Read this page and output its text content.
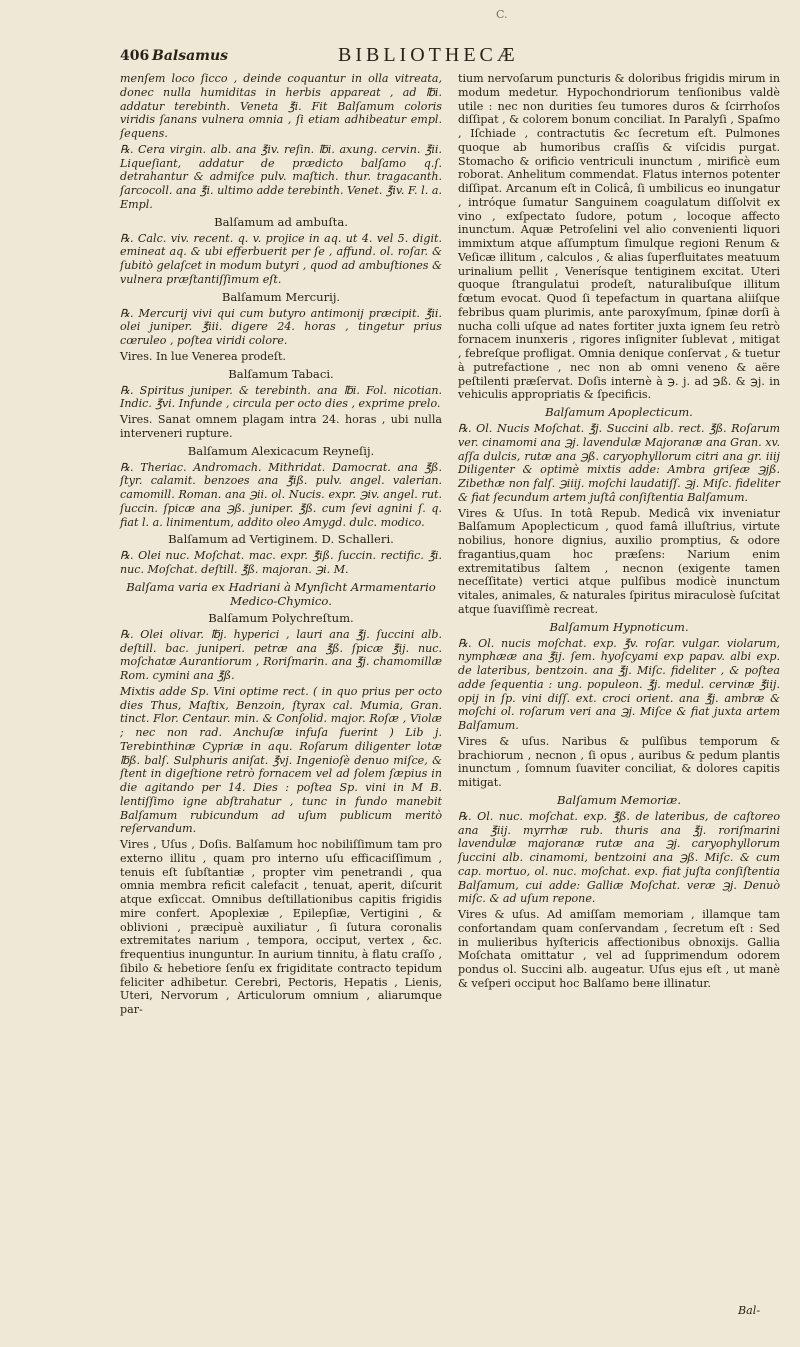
C.
406 Balsamus	BIBLIOTHECÆ

menſem loco ſicco , deinde coquantur in olla vitreata, donec nulla humiditas in herbis appareat , ad ℔i. addatur terebinth. Veneta ℥i. Fit Balſamum coloris viridis ſanans vulnera omnia , ſi etiam adhibeatur empl. ſequens.

℞. Cera virgin. alb. ana ℥iv. reſin. ℔i. axung. cervin. ℥ii. Liqueſiant, addatur de prædicto balſamo q.ſ. detrahantur & admiſce pulv. maſtich. thur. tragacanth. ſarcocoll. ana ℥i. ultimo adde terebinth. Venet. ℥iv. F. l. a. Empl.

Balſamum ad ambuſta.

℞. Calc. viv. recent. q. v. projice in aq. ut 4. vel 5. digit. emineat aq. & ubi efferbuerit per ſe , affund. ol. roſar. & ſubitò gelaſcet in modum butyri , quod ad ambuſtiones & vulnera præſtantiſſimum eſt.

Balſamum Mercurij.

℞. Mercurij vivi qui cum butyro antimonij præcipit. ℥ii. olei juniper. ℥iii. digere 24. horas , tingetur prius cœruleo , poſtea viridi colore.

Vires. In lue Venerea prodeſt.

Balſamum Tabaci.

℞. Spiritus juniper. & terebinth. ana ℔i. Fol. nicotian. Indic. ℥vi. Infunde , circula per octo dies , exprime prelo.

Vires. Sanat omnem plagam intra 24. horas , ubi nulla interveneri rupture.

Balſamum Alexicacum Reyneſij.

℞. Theriac. Andromach. Mithridat. Damocrat. ana ℥ß. ſtyr. calamit. benzoes ana ℥iß. pulv. angel. valerian. camomill. Roman. ana ℈ii. ol. Nucis. expr. ℈iv. angel. rut. ſuccin. ſpicæ ana ℈ß. juniper. ℥ß. cum ſevi agnini ſ. q. fiat l. a. linimentum, addito oleo Amygd. dulc. modico.

Balſamum ad Vertiginem. D. Schalleri.

℞. Olei nuc. Moſchat. mac. expr. ℥iß. ſuccin. rectific. ℥i. nuc. Moſchat. deſtill. ℥ß. majoran. ℈i. M.

Balſama varia ex Hadriani à Mynſicht Armamentario Medico-Chymico.
Balſamum Polychreſtum.

℞. Olei olivar. ℔j. hyperici , lauri ana ℥j. ſuccini alb. deſtill. bac. juniperi. petræ ana ℥ß. ſpicæ ℥ij. nuc. moſchatæ Aurantiorum , Roriſmarin. ana ℥j. chamomillæ Rom. cymini ana ℥ß.

Mixtis adde Sp. Vini optime rect. ( in quo prius per octo dies Thus, Maſtix, Benzoin, ſtyrax cal. Mumia, Gran. tinct. Flor. Centaur. min. & Conſolid. major. Roſæ , Violæ ; nec non rad. Anchuſæ infuſa fuerint ) Lib j. Terebinthinæ Cypriæ in aqu. Roſarum diligenter lotæ ℔ß. balſ. Sulphuris aniſat. ℥vj. Ingenioſè denuo miſce, & ſtent in digeſtione retrò fornacem vel ad ſolem ſæpius in die agitando per 14. Dies : poſtea Sp. vini in M B. lentiſſimo igne abſtrahatur , tunc in fundo manebit Balſamum rubicundum ad uſum publicum meritò reſervandum.

Vires , Uſus , Doſis. Balſamum hoc nobiliſſimum tam pro externo illitu , quam pro interno uſu efficaciſſimum , tenuis eſt ſubſtantiæ , propter vim penetrandi , qua omnia membra reficit calefacit , tenuat, aperit, diſcurit atque exſiccat. Omnibus deſtillationibus capitis frigidis mire confert. Apoplexiæ , Epilepſiæ, Vertigini , & oblivioni , præcipuè auxiliatur , ſi ſutura coronalis extremitates narium , tempora, occiput, vertex , &c. frequentius inunguntur. In aurium tinnitu, à flatu craſſo , ſibilo & hebetiore ſenſu ex frigiditate contracto tepidum feliciter adhibetur. Cerebri, Pectoris, Hepatis , Lienis, Uteri, Nervorum , Articulorum omnium , aliarumque par-

tium nervoſarum puncturis & doloribus frigidis mirum in modum medetur. Hypochondriorum tenſionibus valdè utile : nec non durities ſeu tumores duros & ſcirrhoſos diſſipat , & colorem bonum conciliat. In Paralyſi , Spaſmo , Iſchiade , contractutis &c ſecretum eſt. Pulmones quoque ab humoribus craſſis & viſcidis purgat. Stomacho & orificio ventriculi inunctum , mirificè eum roborat. Anhelitum commendat. Flatus internos potenter diſſipat. Arcanum eſt in Colicâ, ſi umbilicus eo inungatur , intróque ſumatur Sanguinem coagulatum diſſolvit ex vino , exſpectato ſudore, potum , locoque affecto inunctum. Aquæ Petroſelini vel alio convenienti liquori immixtum atque aſſumptum ſimulque regioni Renum & Veſicæ illitum , calculos , & alias ſuperfluitates meatuum urinalium pellit , Venerísque tentiginem excitat. Uteri quoque ſtrangulatui prodeſt, naturalibuſque illitum fœtum evocat. Quod ſi tepefactum in quartana aliiſque febribus quam plurimis, ante paroxyſmum, ſpinæ dorſi à nucha colli uſque ad nates fortiter juxta ignem ſeu retrò fornacem inunxeris , rigores inſigniter ſublevat , mitigat , febreſque profligat. Omnia denique conſervat , & tuetur à putrefactione , nec non ab omni veneno & aëre peſtilenti præſervat. Doſis internè à ℈. j. ad ℈ß. & ℈j. in vehiculis appropriatis & ſpecificis.

Balſamum Apoplecticum.

℞. Ol. Nucis Moſchat. ℥j. Succini alb. rect. ℥ß. Roſarum ver. cinamomi ana ℈j. lavendulæ Majoranæ ana Gran. xv. aſſa dulcis, rutæ ana ℈ß. caryophyllorum citri ana gr. iiij Diligenter & optimè mixtis adde: Ambra griſeæ ℈jß. Zibethæ non falſ. ℈iiij. moſchi laudatiſſ. ℈j. Miſc. fideliter & fiat ſecundum artem juſtâ conſiſtentia Balſamum.

Vires & Uſus. In totâ Repub. Medicâ vix inveniatur Balſamum Apoplecticum , quod famâ illuſtrius, virtute nobilius, honore dignius, auxilio promptius, & odore fragantius,quam hoc præſens: Narium enim extremitatibus ſaltem , necnon (exigente tamen neceſſitate) vertici atque pulſibus modicè inunctum vitales, animales, & naturales ſpiritus miraculosè ſuſcitat atque ſuaviſſimè recreat.

Balſamum Hypnoticum.

℞. Ol. nucis moſchat. exp. ℥v. roſar. vulgar. violarum, nymphææ ana ℥ij. ſem. hyoſcyami exp papav. albi exp. de lateribus, bentzoin. ana ℥j. Miſc. fideliter , & poſtea adde ſequentia : ung. populeon. ℥j. medul. cervinæ ℥iij. opij in ſp. vini diſſ. ext. croci orient. ana ℥j. ambræ & moſchi ol. roſarum veri ana ℈j. Miſce & fiat juxta artem Balſamum.

Vires & uſus. Naribus & pulſibus temporum & brachiorum , necnon , ſi opus , auribus & pedum plantis inunctum , ſomnum ſuaviter conciliat, & dolores capitis mitigat.

Balſamum Memoriæ.

℞. Ol. nuc. moſchat. exp. ℥ß. de lateribus, de caſtoreo ana ℥iij. myrrhæ rub. thuris ana ℥j. roriſmarini lavendulæ majoranæ rutæ ana ℈j. caryophyllorum ſuccini alb. cinamomi, bentzoini ana ℈ß. Miſc. & cum cap. mortuo, ol. nuc. moſchat. exp. fiat juſta conſiſtentia Balſamum, cui adde: Galliæ Moſchat. veræ ℈j. Denuò miſc. & ad uſum repone.

Vires & uſus. Ad amiſſam memoriam , illamque tam confortandam quam conſervandam , ſecretum eſt : Sed in mulieribus hyſtericis affectionibus obnoxijs. Gallia Moſchata omittatur , vel ad ſupprimendum odorem pondus ol. Succini alb. augeatur. Uſus ejus eſt , ut manè & veſperi occiput hoc Balſamo beне illinatur.

Bal-
